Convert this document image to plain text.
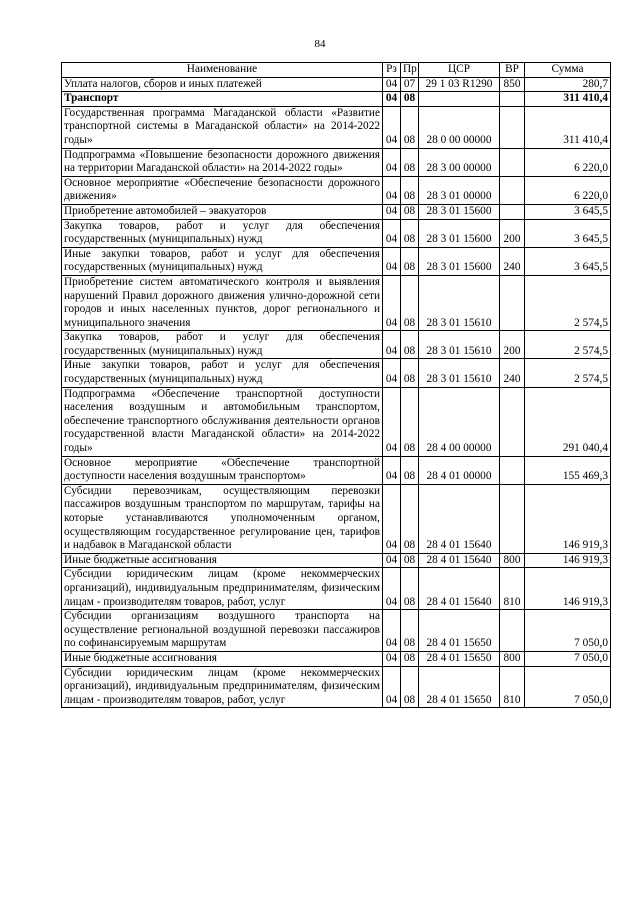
84
Наименование	Рз	Пр	ЦСР	ВР	Сумма
Уплата налогов, сборов и иных платежей	04	07	29 1 03 R1290	850	280,7
Транспорт	04	08			311 410,4
Государственная программа Магаданской области «Развитие транспортной системы в Магаданской области» на 2014-2022 годы»	04	08	28 0 00 00000		311 410,4
Подпрограмма «Повышение безопасности дорожного движения на территории Магаданской области» на 2014-2022 годы»	04	08	28 3 00 00000		6 220,0
Основное мероприятие «Обеспечение безопасности дорожного движения»	04	08	28 3 01 00000		6 220,0
Приобретение автомобилей – эвакуаторов	04	08	28 3 01 15600		3 645,5
Закупка товаров, работ и услуг для обеспечения государственных (муниципальных) нужд	04	08	28 3 01 15600	200	3 645,5
Иные закупки товаров, работ и услуг для обеспечения государственных (муниципальных) нужд	04	08	28 3 01 15600	240	3 645,5
Приобретение систем автоматического контроля и выявления нарушений Правил дорожного движения улично-дорожной сети городов и иных населенных пунктов, дорог регионального и муниципального значения	04	08	28 3 01 15610		2 574,5
Закупка товаров, работ и услуг для обеспечения государственных (муниципальных) нужд	04	08	28 3 01 15610	200	2 574,5
Иные закупки товаров, работ и услуг для обеспечения государственных (муниципальных) нужд	04	08	28 3 01 15610	240	2 574,5
Подпрограмма «Обеспечение транспортной доступности населения воздушным и автомобильным транспортом, обеспечение транспортного обслуживания деятельности органов государственной власти Магаданской области» на 2014-2022 годы»	04	08	28 4 00 00000		291 040,4
Основное мероприятие «Обеспечение транспортной доступности населения воздушным транспортом»	04	08	28 4 01 00000		155 469,3
Субсидии перевозчикам, осуществляющим перевозки пассажиров воздушным транспортом по маршрутам, тарифы на которые устанавливаются уполномоченным органом, осуществляющим государственное регулирование цен, тарифов и надбавок в Магаданской области	04	08	28 4 01 15640		146 919,3
Иные бюджетные ассигнования	04	08	28 4 01 15640	800	146 919,3
Субсидии юридическим лицам (кроме некоммерческих организаций), индивидуальным предпринимателям, физическим лицам - производителям товаров, работ, услуг	04	08	28 4 01 15640	810	146 919,3
Субсидии организациям воздушного транспорта на осуществление региональной воздушной перевозки пассажиров по софинансируемым маршрутам	04	08	28 4 01 15650		7 050,0
Иные бюджетные ассигнования	04	08	28 4 01 15650	800	7 050,0
Субсидии юридическим лицам (кроме некоммерческих организаций), индивидуальным предпринимателям, физическим лицам - производителям товаров, работ, услуг	04	08	28 4 01 15650	810	7 050,0
